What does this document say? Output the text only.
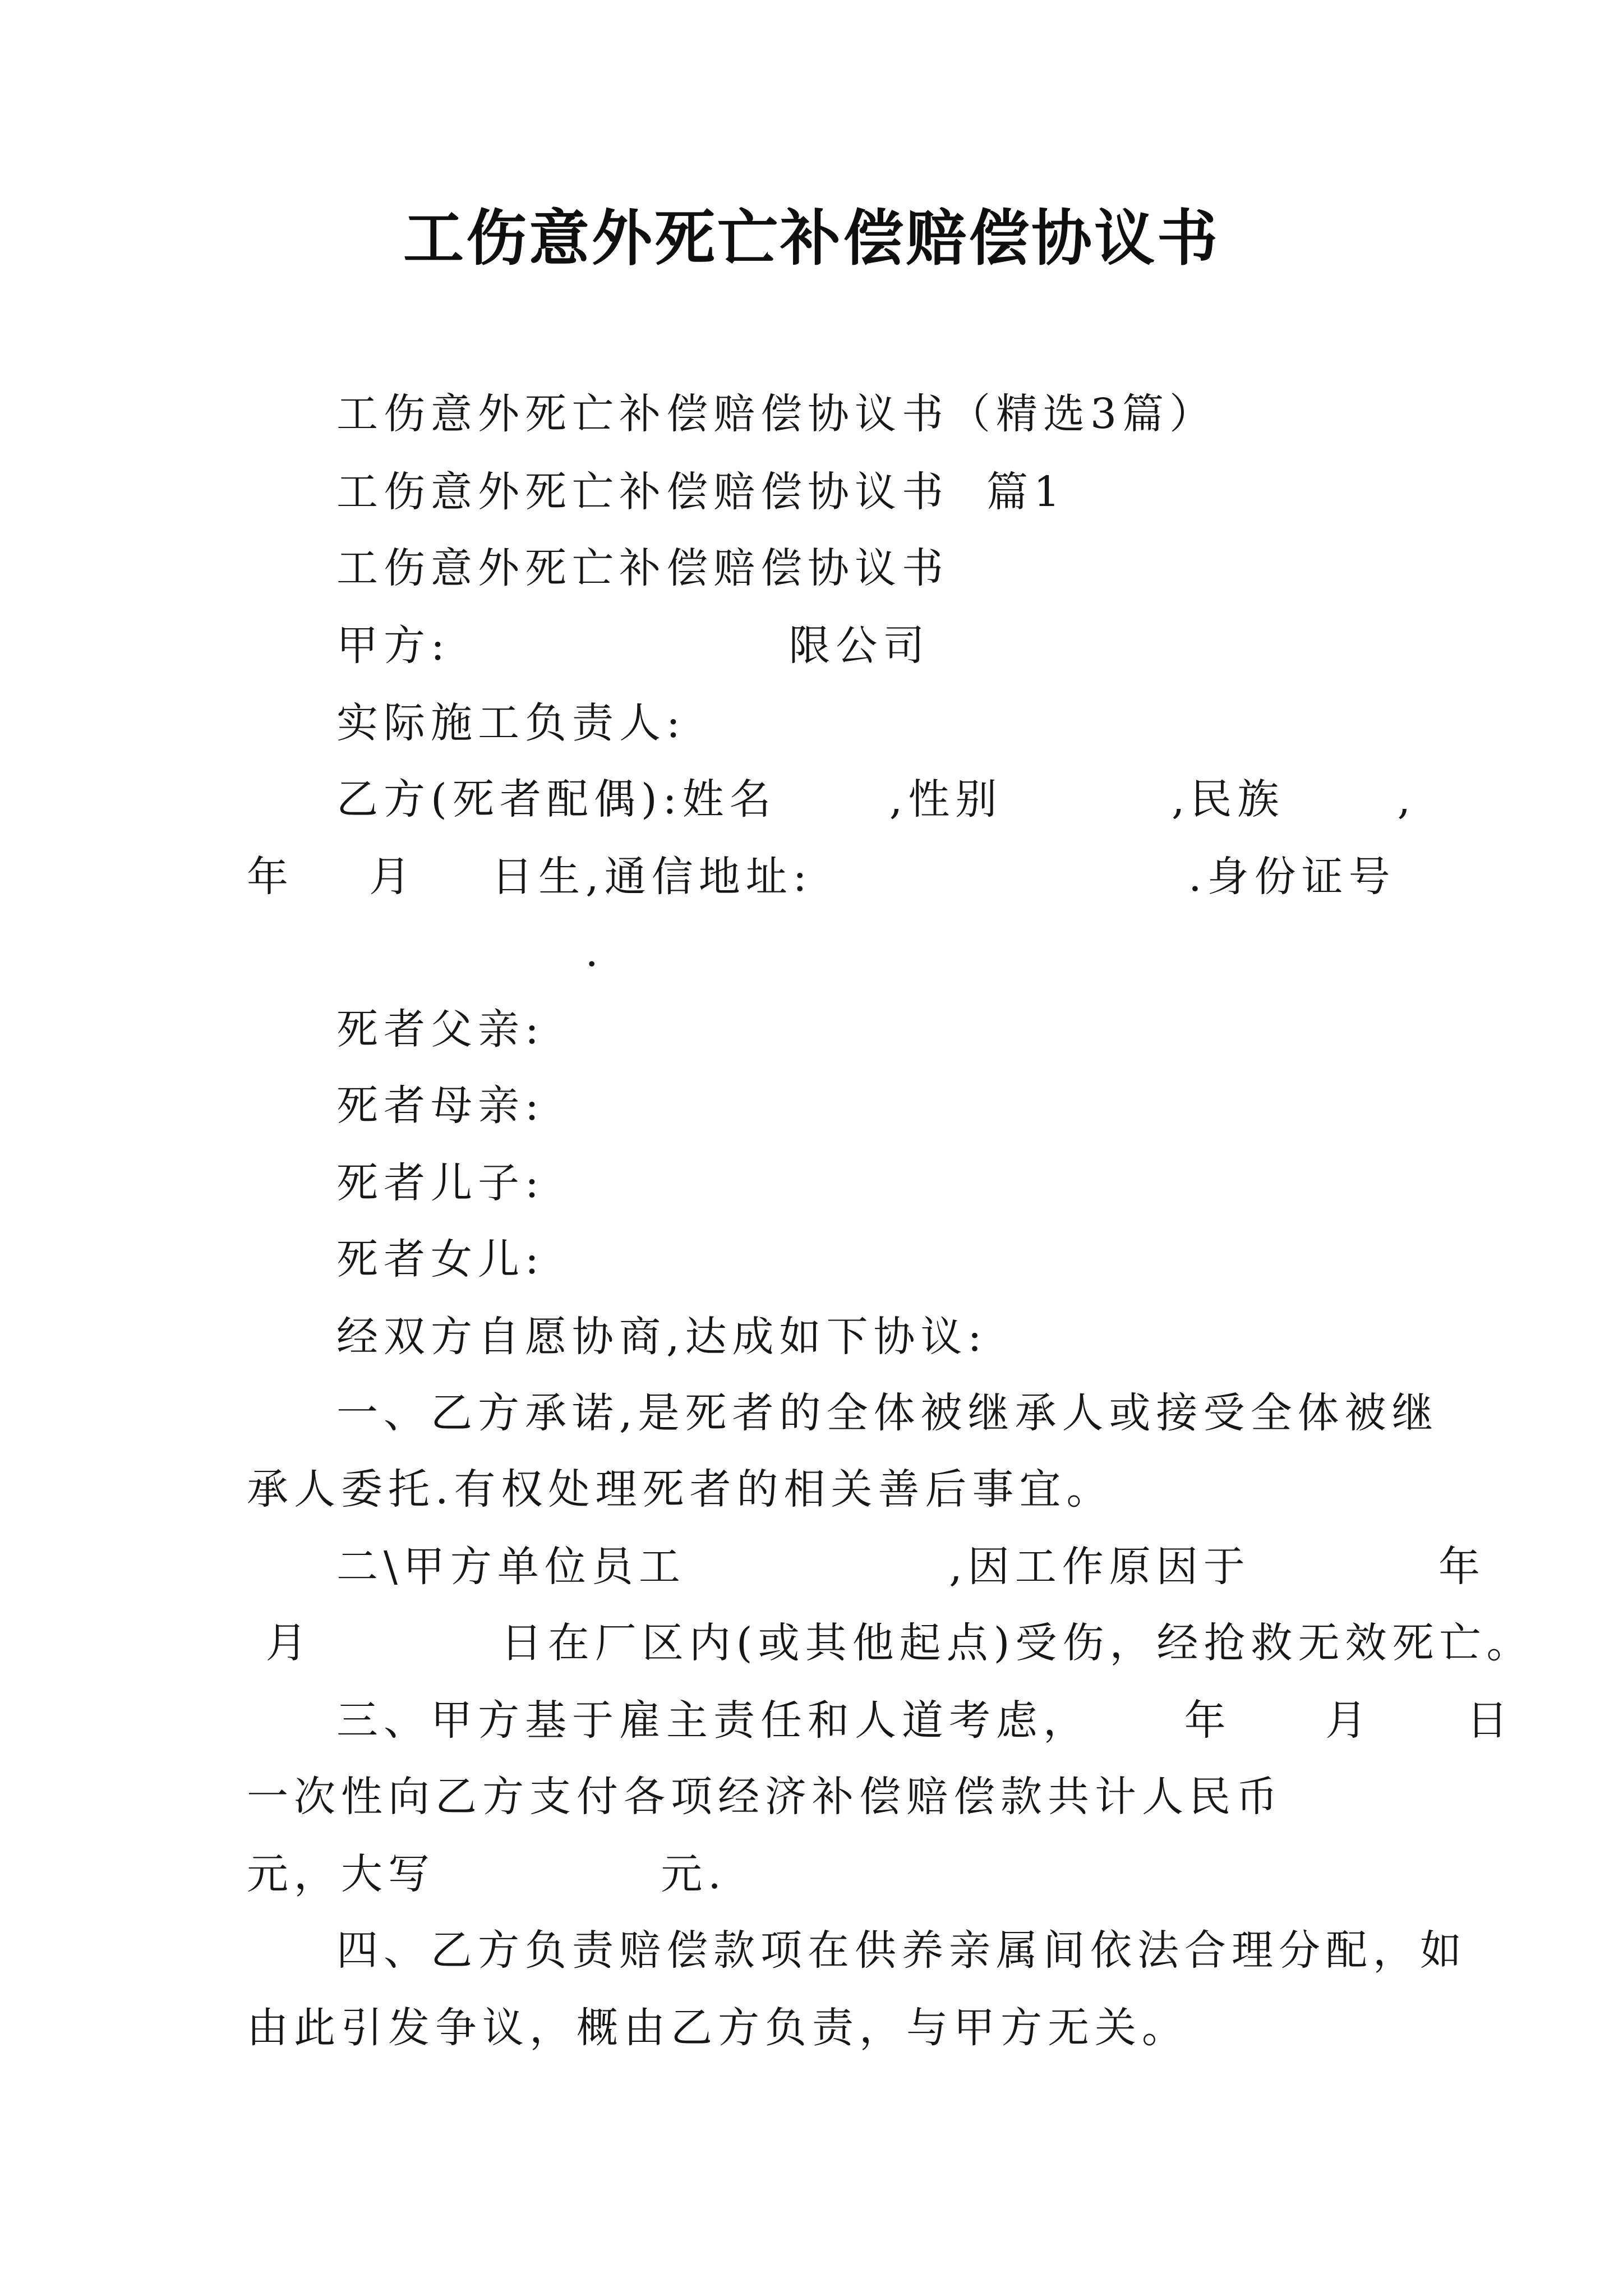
工伤意外死亡补偿赔偿协议书
工伤意外死亡补偿赔偿协议书（精选3篇）
工伤意外死亡补偿赔偿协议书  篇1
工伤意外死亡补偿赔偿协议书
甲方:                  限公司
实际施工负责人:
乙方(死者配偶):姓名      ,性别         ,民族      ,
年    月    日生,通信地址:                    .身份证号
.
死者父亲:
死者母亲:
死者儿子:
死者女儿:
经双方自愿协商,达成如下协议:
一、乙方承诺,是死者的全体被继承人或接受全体被继
承人委托.有权处理死者的相关善后事宜。
二\甲方单位员工              ,因工作原因于          年
月          日在厂区内(或其他起点)受伤，经抢救无效死亡。
三、甲方基于雇主责任和人道考虑，     年     月     日
一次性向乙方支付各项经济补偿赔偿款共计人民币
元，大写            元.
四、乙方负责赔偿款项在供养亲属间依法合理分配，如
由此引发争议，概由乙方负责，与甲方无关。
